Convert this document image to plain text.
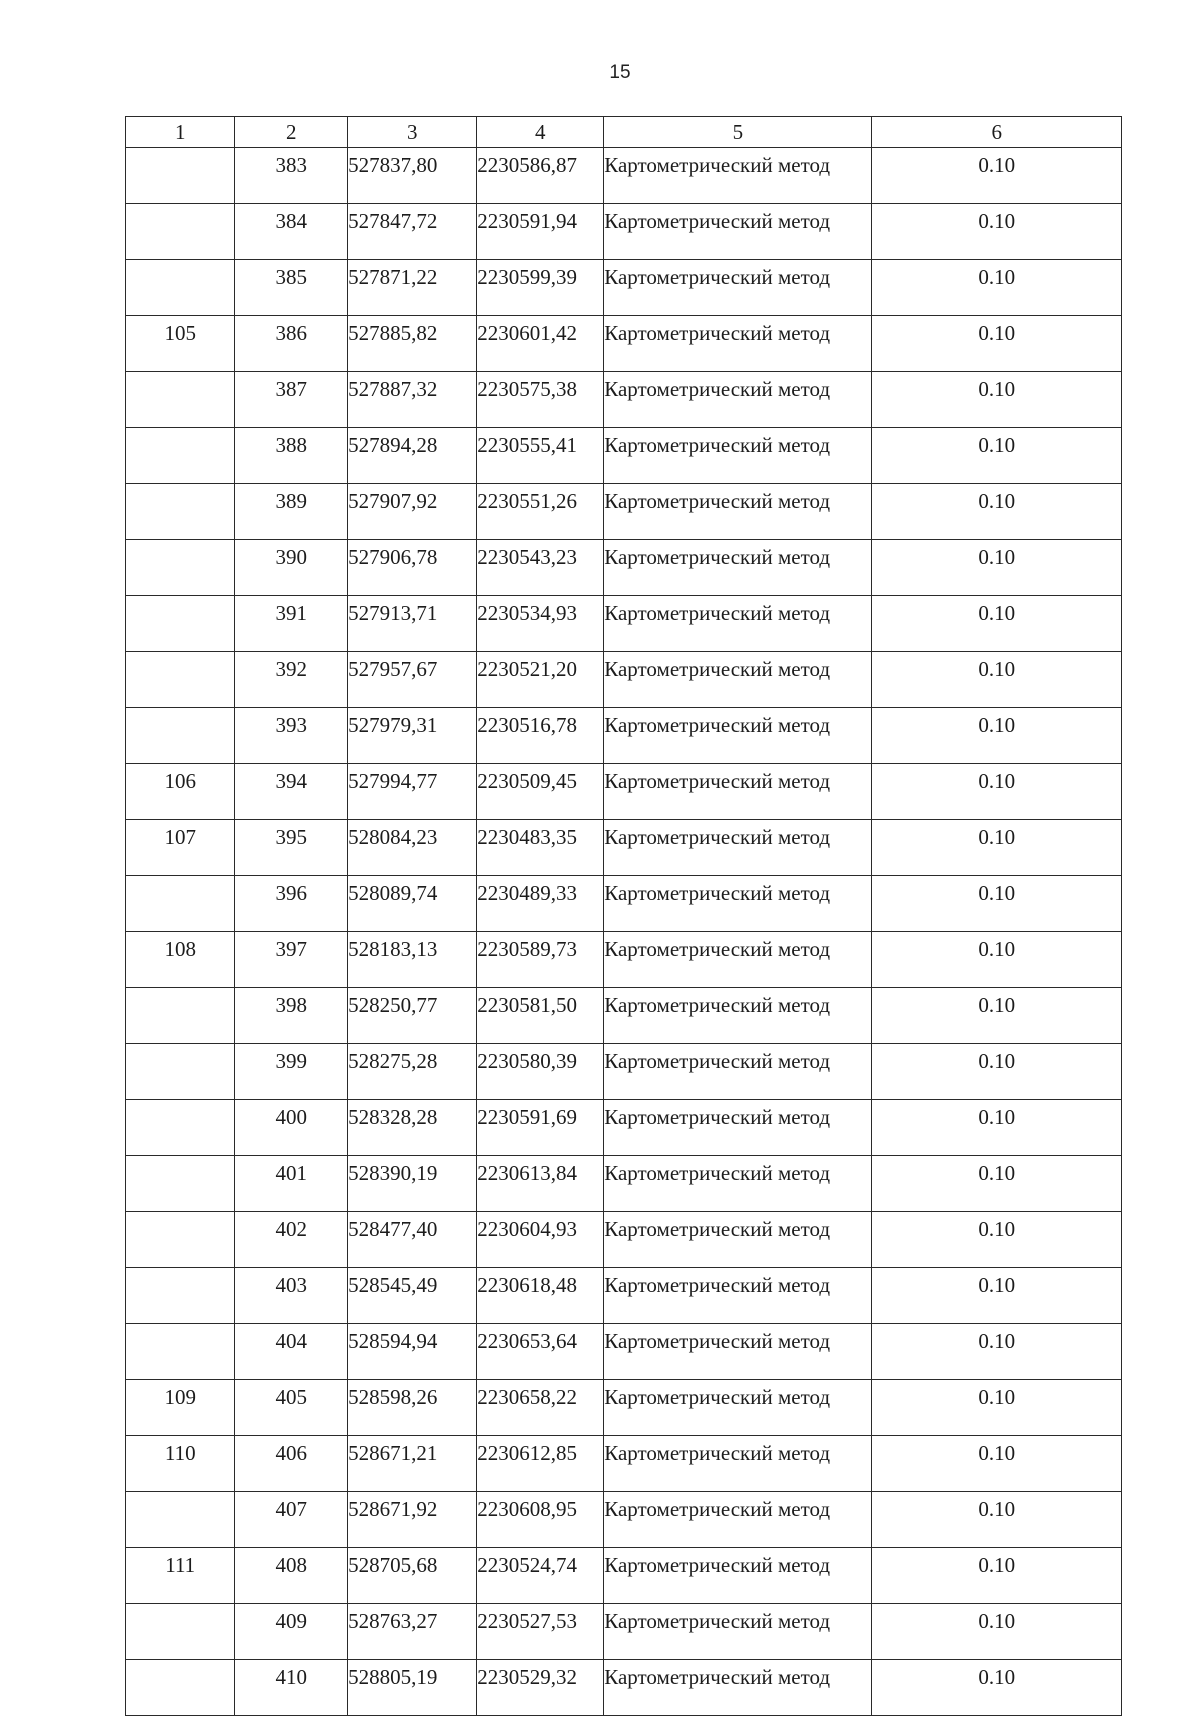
15
1	2	3	4	5	6
	383	527837,80	2230586,87	Картометрический метод	0.10
	384	527847,72	2230591,94	Картометрический метод	0.10
	385	527871,22	2230599,39	Картометрический метод	0.10
105	386	527885,82	2230601,42	Картометрический метод	0.10
	387	527887,32	2230575,38	Картометрический метод	0.10
	388	527894,28	2230555,41	Картометрический метод	0.10
	389	527907,92	2230551,26	Картометрический метод	0.10
	390	527906,78	2230543,23	Картометрический метод	0.10
	391	527913,71	2230534,93	Картометрический метод	0.10
	392	527957,67	2230521,20	Картометрический метод	0.10
	393	527979,31	2230516,78	Картометрический метод	0.10
106	394	527994,77	2230509,45	Картометрический метод	0.10
107	395	528084,23	2230483,35	Картометрический метод	0.10
	396	528089,74	2230489,33	Картометрический метод	0.10
108	397	528183,13	2230589,73	Картометрический метод	0.10
	398	528250,77	2230581,50	Картометрический метод	0.10
	399	528275,28	2230580,39	Картометрический метод	0.10
	400	528328,28	2230591,69	Картометрический метод	0.10
	401	528390,19	2230613,84	Картометрический метод	0.10
	402	528477,40	2230604,93	Картометрический метод	0.10
	403	528545,49	2230618,48	Картометрический метод	0.10
	404	528594,94	2230653,64	Картометрический метод	0.10
109	405	528598,26	2230658,22	Картометрический метод	0.10
110	406	528671,21	2230612,85	Картометрический метод	0.10
	407	528671,92	2230608,95	Картометрический метод	0.10
111	408	528705,68	2230524,74	Картометрический метод	0.10
	409	528763,27	2230527,53	Картометрический метод	0.10
	410	528805,19	2230529,32	Картометрический метод	0.10
